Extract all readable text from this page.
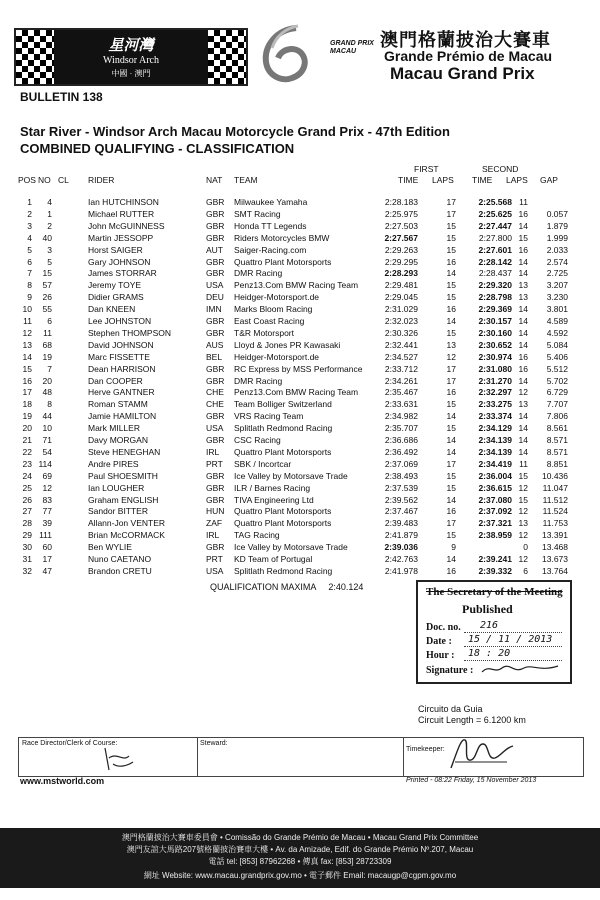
星河灣
Windsor Arch
中國 · 澳門
GRAND PRIX MACAU
澳門格蘭披治大賽車
Grande Prémio de Macau
Macau Grand Prix
BULLETIN 138
Star River - Windsor Arch Macau Motorcycle Grand Prix - 47th Edition
COMBINED QUALIFYING - CLASSIFICATION
FIRST	SECOND
POS NO CL RIDER	NAT TEAM	TIME LAPS TIME LAPS GAP
1	4	Ian HUTCHINSON	GBR Milwaukee Yamaha	2:28.183	17	2:25.568 11
2	1	Michael RUTTER	GBR SMT Racing	2:25.975	17	2:25.625 16	0.057
3	2	John McGUINNESS	GBR Honda TT Legends	2:27.503	15	2:27.447 14	1.879
4	40	Martin JESSOPP	GBR Riders Motorcycles BMW	2:27.567	15	2:27.800 15	1.999
5	3	Horst SAIGER	AUT Saiger-Racing.com	2:29.263	15	2:27.601 16	2.033
6	5	Gary JOHNSON	GBR Quattro Plant Motorsports	2:29.295	16	2:28.142 14	2.574
7	15	James STORRAR	GBR DMR Racing	2:28.293	14	2:28.437 14	2.725
8	57	Jeremy TOYE	USA Penz13.Com BMW Racing Team	2:29.481	15	2:29.320 13	3.207
9	26	Didier GRAMS	DEU Heidger-Motorsport.de	2:29.045	15	2:28.798 13	3.230
10	55	Dan KNEEN	IMN Marks Bloom Racing	2:31.029	16	2:29.369 14	3.801
11	6	Lee JOHNSTON	GBR East Coast Racing	2:32.023	14	2:30.157 14	4.589
12	11	Stephen THOMPSON	GBR T&R Motorsport	2:30.326	15	2:30.160 14	4.592
13	68	David JOHNSON	AUS Lloyd & Jones PR Kawasaki	2:32.441	13	2:30.652 14	5.084
14	19	Marc FISSETTE	BEL Heidger-Motorsport.de	2:34.527	12	2:30.974 16	5.406
15	7	Dean HARRISON	GBR RC Express by MSS Performance	2:33.712	17	2:31.080 16	5.512
16	20	Dan COOPER	GBR DMR Racing	2:34.261	17	2:31.270 14	5.702
17	48	Herve GANTNER	CHE Penz13.Com BMW Racing Team	2:35.467	16	2:32.297 12	6.729
18	8	Roman STAMM	CHE Team Bolliger Switzerland	2:33.631	15	2:33.275 13	7.707
19	44	Jamie HAMILTON	GBR VRS Racing Team	2:34.982	14	2:33.374 14	7.806
20	10	Mark MILLER	USA Splitlath Redmond Racing	2:35.707	15	2:34.129 14	8.561
21	71	Davy MORGAN	GBR CSC Racing	2:36.686	14	2:34.139 14	8.571
22	54	Steve HENEGHAN	IRL Quattro Plant Motorsports	2:36.492	14	2:34.139 14	8.571
23 114	Andre PIRES	PRT SBK / Incortcar	2:37.069	17	2:34.419 11	8.851
24	69	Paul SHOESMITH	GBR Ice Valley by Motorsave Trade	2:38.493	15	2:36.004 15	10.436
25	12	Ian LOUGHER	GBR ILR / Barnes Racing	2:37.539	15	2:36.615 12	11.047
26	83	Graham ENGLISH	GBR TIVA Engineering Ltd	2:39.562	14	2:37.080 15	11.512
27	77	Sandor BITTER	HUN Quattro Plant Motorsports	2:37.467	16	2:37.092 12	11.524
28	39	Allann-Jon VENTER	ZAF Quattro Plant Motorsports	2:39.483	17	2:37.321 13	11.753
29 111	Brian McCORMACK	IRL TAG Racing	2:41.879	15	2:38.959 12	13.391
30	60	Ben WYLIE	GBR Ice Valley by Motorsave Trade	2:39.036	9	0	13.468
31	17	Nuno CAETANO	PRT KD Team of Portugal	2:42.763	14	2:39.241 12	13.673
32	47	Brandon CRETU	USA Splitlath Redmond Racing	2:41.978	16	2:39.332	6	13.764
QUALIFICATION MAXIMA 2:40.124	The Secretary of the Meeting
Published
Doc. no. 216
Date : 15 / 11 / 2013
Hour : 18 : 20
Signature :
Circuito da Guia
Circuit Length = 6.1200 km
Race Director/Clerk of Course:	Steward:
Timekeeper:
www.mstworld.com	Printed - 08:22 Friday, 15 November 2013
澳門格蘭披治大賽車委員會 • Comissão do Grande Prémio de Macau • Macau Grand Prix Committee
澳門友誼大馬路207號格蘭披治賽車大樓 • Av. da Amizade, Edif. do Grande Prémio Nº.207, Macau
電話 tel: [853] 87962268 • 傳真 fax: [853] 28723309
網址 Website: www.macau.grandprix.gov.mo • 電子郵件 Email: macaugp@cgpm.gov.mo
